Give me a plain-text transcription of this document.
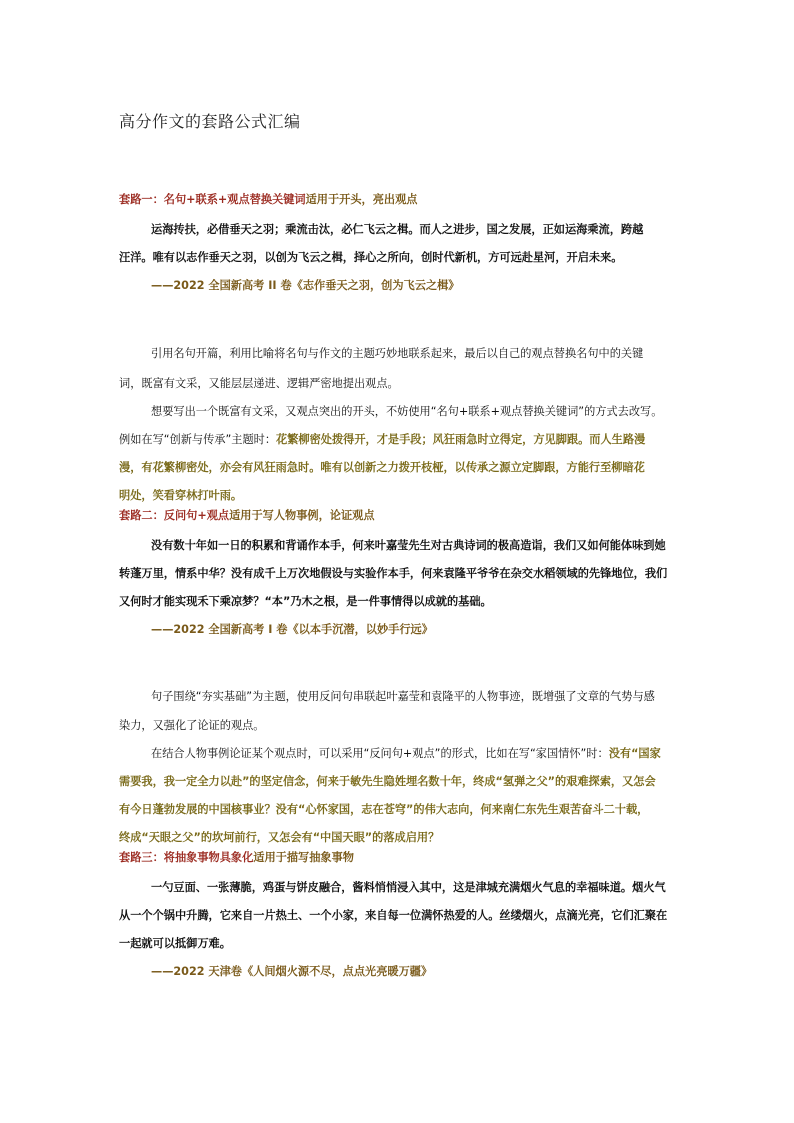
高分作文的套路公式汇编
套路一：名句+联系+观点替换关键词适用于开头，亮出观点
运海抟扶，必借垂天之羽；乘流击汰，必仁飞云之楫。而人之进步，国之发展，正如运海乘流，跨越
汪洋。唯有以志作垂天之羽，以创为飞云之楫，择心之所向，创时代新机，方可远赴星河，开启未来。
——2022 全国新高考 II 卷《志作垂天之羽，创为飞云之楫》
引用名句开篇，利用比喻将名句与作文的主题巧妙地联系起来，最后以自己的观点替换名句中的关键
词，既富有文采，又能层层递进、逻辑严密地提出观点。
想要写出一个既富有文采，又观点突出的开头，不妨使用“名句+联系+观点替换关键词”的方式去改写。
例如在写“创新与传承”主题时：花繁柳密处拨得开，才是手段；风狂雨急时立得定，方见脚跟。而人生路漫
漫，有花繁柳密处，亦会有风狂雨急时。唯有以创新之力拨开枝桠，以传承之源立定脚跟，方能行至柳暗花
明处，笑看穿林打叶雨。
套路二：反问句+观点适用于写人物事例，论证观点
没有数十年如一日的积累和背诵作本手，何来叶嘉莹先生对古典诗词的极高造诣，我们又如何能体味到她
转蓬万里，情系中华？没有成千上万次地假设与实验作本手，何来袁隆平爷爷在杂交水稻领域的先锋地位，我们
又何时才能实现禾下乘凉梦？“本”乃木之根，是一件事情得以成就的基础。
——2022 全国新高考 I 卷《以本手沉潜，以妙手行远》
句子围绕“夯实基础”为主题，使用反问句串联起叶嘉莹和袁隆平的人物事迹，既增强了文章的气势与感
染力，又强化了论证的观点。
在结合人物事例论证某个观点时，可以采用“反问句+观点”的形式，比如在写“家国情怀”时：没有“国家
需要我，我一定全力以赴”的坚定信念，何来于敏先生隐姓埋名数十年，终成“氢弹之父”的艰难探索，又怎会
有今日蓬勃发展的中国核事业？没有“心怀家国，志在苍穹”的伟大志向，何来南仁东先生艰苦奋斗二十载，
终成“天眼之父”的坎坷前行，又怎会有“中国天眼”的落成启用？
套路三：将抽象事物具象化适用于描写抽象事物
一勺豆面、一张薄脆，鸡蛋与饼皮融合，酱料悄悄浸入其中，这是津城充满烟火气息的幸福味道。烟火气
从一个个锅中升腾，它来自一片热土、一个小家，来自每一位满怀热爱的人。丝缕烟火，点滴光亮，它们汇聚在
一起就可以抵御万难。
——2022 天津卷《人间烟火源不尽，点点光亮暖万疆》
